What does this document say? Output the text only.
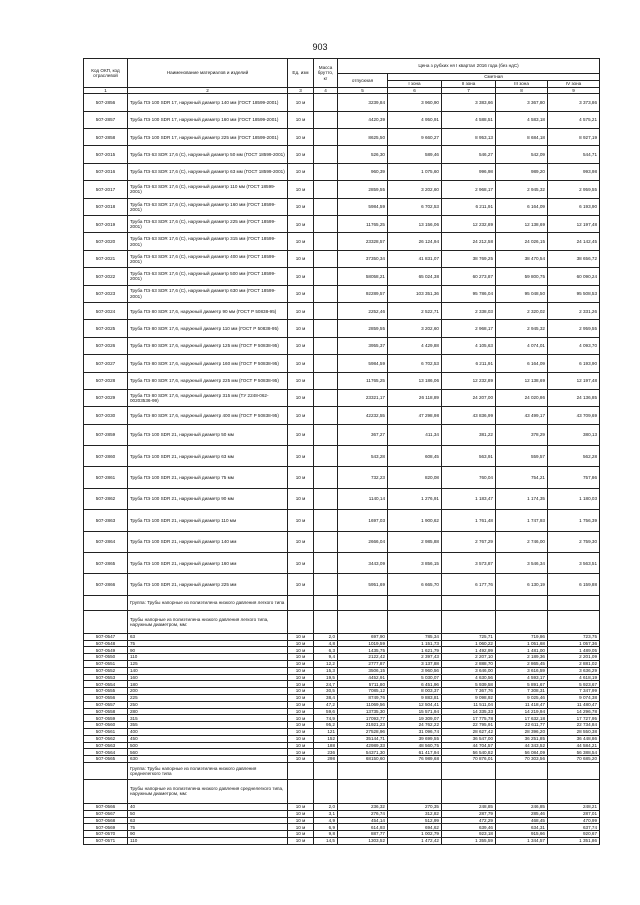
903
Код ОКП, код отраслевой	Наименование материалов и изделий	Ед. изм	Масса брутто, кг	Цена з рубхих ня I квартал 2016 года (без ндС)				
				отпускная	Сметная			
					I зона	II зона	III зона	IV зона
1	2	3	4	5	6	7	8	9
507-2856	Труба ПЭ 100 SDR 17, наружный диаметр 140 мм (ГОСТ 18599-2001)	10 м		3239,84	3 960,90	3 383,66	3 367,80	3 373,86
507-2857	Труба ПЭ 100 SDR 17, наружный диаметр 160 мм (ГОСТ 18599-2001)	10 м		4420,39	4 950,91	4 588,51	4 583,18	4 575,21
507-2858	Труба ПЭ 100 SDR 17, наружный диаметр 225 мм (ГОСТ 18599-2001)	10 м		8625,50	9 660,27	8 953,13	8 684,18	8 927,19
507-2015	Труба ПЭ 63 SDR 17,6 (С), наружный диаметр 50 мм (ГОСТ 18599-2001)	10 м		526,30	589,46	546,27	542,09	544,71
507-2016	Труба ПЭ 63 SDR 17,6 (С), наружный диаметр 63 мм (ГОСТ 18599-2001)	10 м		960,39	1 075,60	996,98	989,20	993,98
507-2017	Труба ПЭ 63 SDR 17,6 (С), наружный диаметр 110 мм (ГОСТ 18599-2001)	10 м		2859,55	3 202,60	2 968,17	2 945,32	2 959,55
507-2018	Труба ПЭ 63 SDR 17,6 (С), наружный диаметр 160 мм (ГОСТ 18599-2001)	10 м		5984,59	6 702,53	6 211,91	6 164,09	6 193,90
507-2019	Труба ПЭ 63 SDR 17,6 (С), наружный диаметр 225 мм (ГОСТ 18599-2001)	10 м		11765,25	13 156,06	12 232,89	12 138,69	12 197,48
507-2020	Труба ПЭ 63 SDR 17,6 (С), наружный диаметр 315 мм (ГОСТ 18599-2001)	10 м		23328,57	26 124,94	24 212,58	24 026,15	24 142,45
507-2021	Труба ПЭ 63 SDR 17,6 (С), наружный диаметр 400 мм (ГОСТ 18599-2001)	10 м		37350,34	41 831,07	38 769,25	38 470,54	38 656,72
507-2022	Труба ПЭ 63 SDR 17,6 (С), наружный диаметр 500 мм (ГОСТ 18599-2001)	10 м		58058,21	65 024,38	60 273,87	59 800,75	60 090,24
507-2023	Труба ПЭ 63 SDR 17,6 (С), наружный диаметр 630 мм (ГОСТ 18599-2001)	10 м		92289,57	103 351,36	95 786,04	95 048,50	95 508,53
507-2024	Труба ПЭ 80 SDR 17,6, наружный диаметр 90 мм (ГОСТ Р 50838-95)	10 м		2252,46	2 522,71	2 338,03	2 320,02	2 331,26
507-2025	Труба ПЭ 80 SDR 17,6, наружный диаметр 110 мм (ГОСТ Р 50838-95)	10 м		2859,55	3 202,60	2 968,17	2 945,32	2 959,55
507-2026	Труба ПЭ 80 SDR 17,6, наружный диаметр 125 мм (ГОСТ Р 50838-95)	10 м		3955,37	4 429,88	4 105,63	4 074,01	4 093,70
507-2027	Труба ПЭ 80 SDR 17,6, наружный диаметр 160 мм (ГОСТ Р 50838-95)	10 м		5984,59	6 702,53	6 211,91	6 164,09	6 193,90
507-2028	Труба ПЭ 80 SDR 17,6, наружный диаметр 225 мм (ГОСТ Р 50838-95)	10 м		11765,25	13 186,06	12 232,89	12 138,69	12 197,48
507-2029	Труба ПЭ 80 SDR 17,6, наружный диаметр 315 мм (ТУ 2248-062-00203536-99)	10 м		23321,17	26 118,89	24 207,00	24 020,86	24 136,85
507-2030	Труба ПЭ 80 SDR 17,6, наружный диаметр 400 мм (ГОСТ Р 50838-95)	10 м		42232,55	47 298,98	43 836,99	43 499,17	43 709,69
507-2859	Труба ПЭ 100 SDR 21, наружный диаметр 50 мм	10 м		367,27	411,34	381,22	378,29	380,13
507-2860	Труба ПЭ 100 SDR 21, наружный диаметр 63 мм	10 м		543,28	608,45	563,91	559,57	562,28
507-2861	Труба ПЭ 100 SDR 21, наружный диаметр 75 мм	10 м		732,23	820,08	760,04	754,21	757,86
507-2862	Труба ПЭ 100 SDR 21, наружный диаметр 90 мм	10 м		1140,14	1 276,91	1 183,47	1 174,35	1 180,03
507-2863	Труба ПЭ 100 SDR 21, наружный диаметр 110 мм	10 м		1697,03	1 900,62	1 761,48	1 747,93	1 756,39
507-2864	Труба ПЭ 100 SDR 21, наружный диаметр 140 мм	10 м		2666,04	2 985,88	2 767,29	2 746,00	2 759,30
507-2865	Труба ПЭ 100 SDR 21, наружный диаметр 160 мм	10 м		3443,09	3 856,15	3 573,87	3 546,34	3 563,51
507-2866	Труба ПЭ 100 SDR 21, наружный диаметр 225 мм	10 м		5951,69	6 665,70	6 177,76	6 130,19	6 159,88
	Группа: Трубы напорные из полиэтилена низкого давления легкого типа							
	Трубы напорные из полиэтилена низкого давления легкого типа, наружным диаметром, мм:							
507-0547	63	10 м	2,0	697,90	785,34	725,71	719,86	723,75
507-0548	75	10 м	4,8	1019,59	1 151,73	1 060,22	1 051,68	1 057,36
507-0549	90	10 м	6,3	1435,75	1 621,79	1 492,99	1 481,00	1 489,05
507-0550	110	10 м	9,4	2122,42	2 397,43	2 207,10	2 189,36	2 201,09
507-0551	125	10 м	12,2	2777,87	3 137,88	2 888,70	2 865,45	2 881,02
507-0552	140	10 м	15,3	3506,15	3 960,56	3 646,00	3 616,59	3 636,29
507-0553	160	10 м	19,5	4452,91	5 030,07	4 630,56	4 593,17	4 618,19
507-0554	180	10 м	24,7	5711,80	6 451,96	5 939,58	5 891,67	5 923,67
507-0555	200	10 м	30,5	7085,12	8 003,37	7 367,76	7 308,31	7 347,99
507-0556	225	10 м	38,4	8749,76	9 883,81	9 098,92	9 025,46	9 074,38
507-0557	250	10 м	47,2	11069,56	12 504,41	11 511,04	11 418,47	11 480,47
507-0558	280	10 м	59,6	13735,30	15 571,94	14 335,33	14 219,94	14 296,78
507-0559	315	10 м	74,9	17093,77	19 309,07	17 775,78	17 632,18	17 727,95
507-0560	355	10 м	95,2	21921,23	24 762,22	22 795,91	22 611,77	22 734,84
507-0561	400	10 м	121	27528,96	31 096,74	28 627,42	28 396,20	28 550,38
507-0562	450	10 м	152	35144,71	39 699,55	36 547,00	36 251,85	36 448,86
507-0563	500	10 м	188	42989,33	48 560,75	44 704,57	44 343,52	44 584,21
507-0564	560	10 м	236	54371,30	61 417,94	56 540,82	56 084,09	56 388,54
507-0565	630	10 м	298	68150,60	76 989,68	70 876,01	70 303,56	70 685,20
	Группа: Трубы напорные из полиэтилена низкого давления среднелегкого типа							
	Трубы напорные из полиэтилена низкого давления среднелегкого типа, наружным диаметром, мм:							
507-0566	40	10 м	2,0	236,32	270,35	248,85	246,85	248,21
507-0567	50	10 м	3,1	276,74	312,82	287,79	285,46	287,01
507-0568	63	10 м	4,9	454,14	512,99	472,29	468,45	470,99
507-0569	75	10 м	6,9	614,93	694,62	639,46	634,31	637,74
507-0570	90	10 м	9,8	887,77	1 002,79	923,18	915,66	920,67
507-0571	110	10 м	14,5	1303,52	1 472,42	1 355,59	1 344,57	1 351,86
